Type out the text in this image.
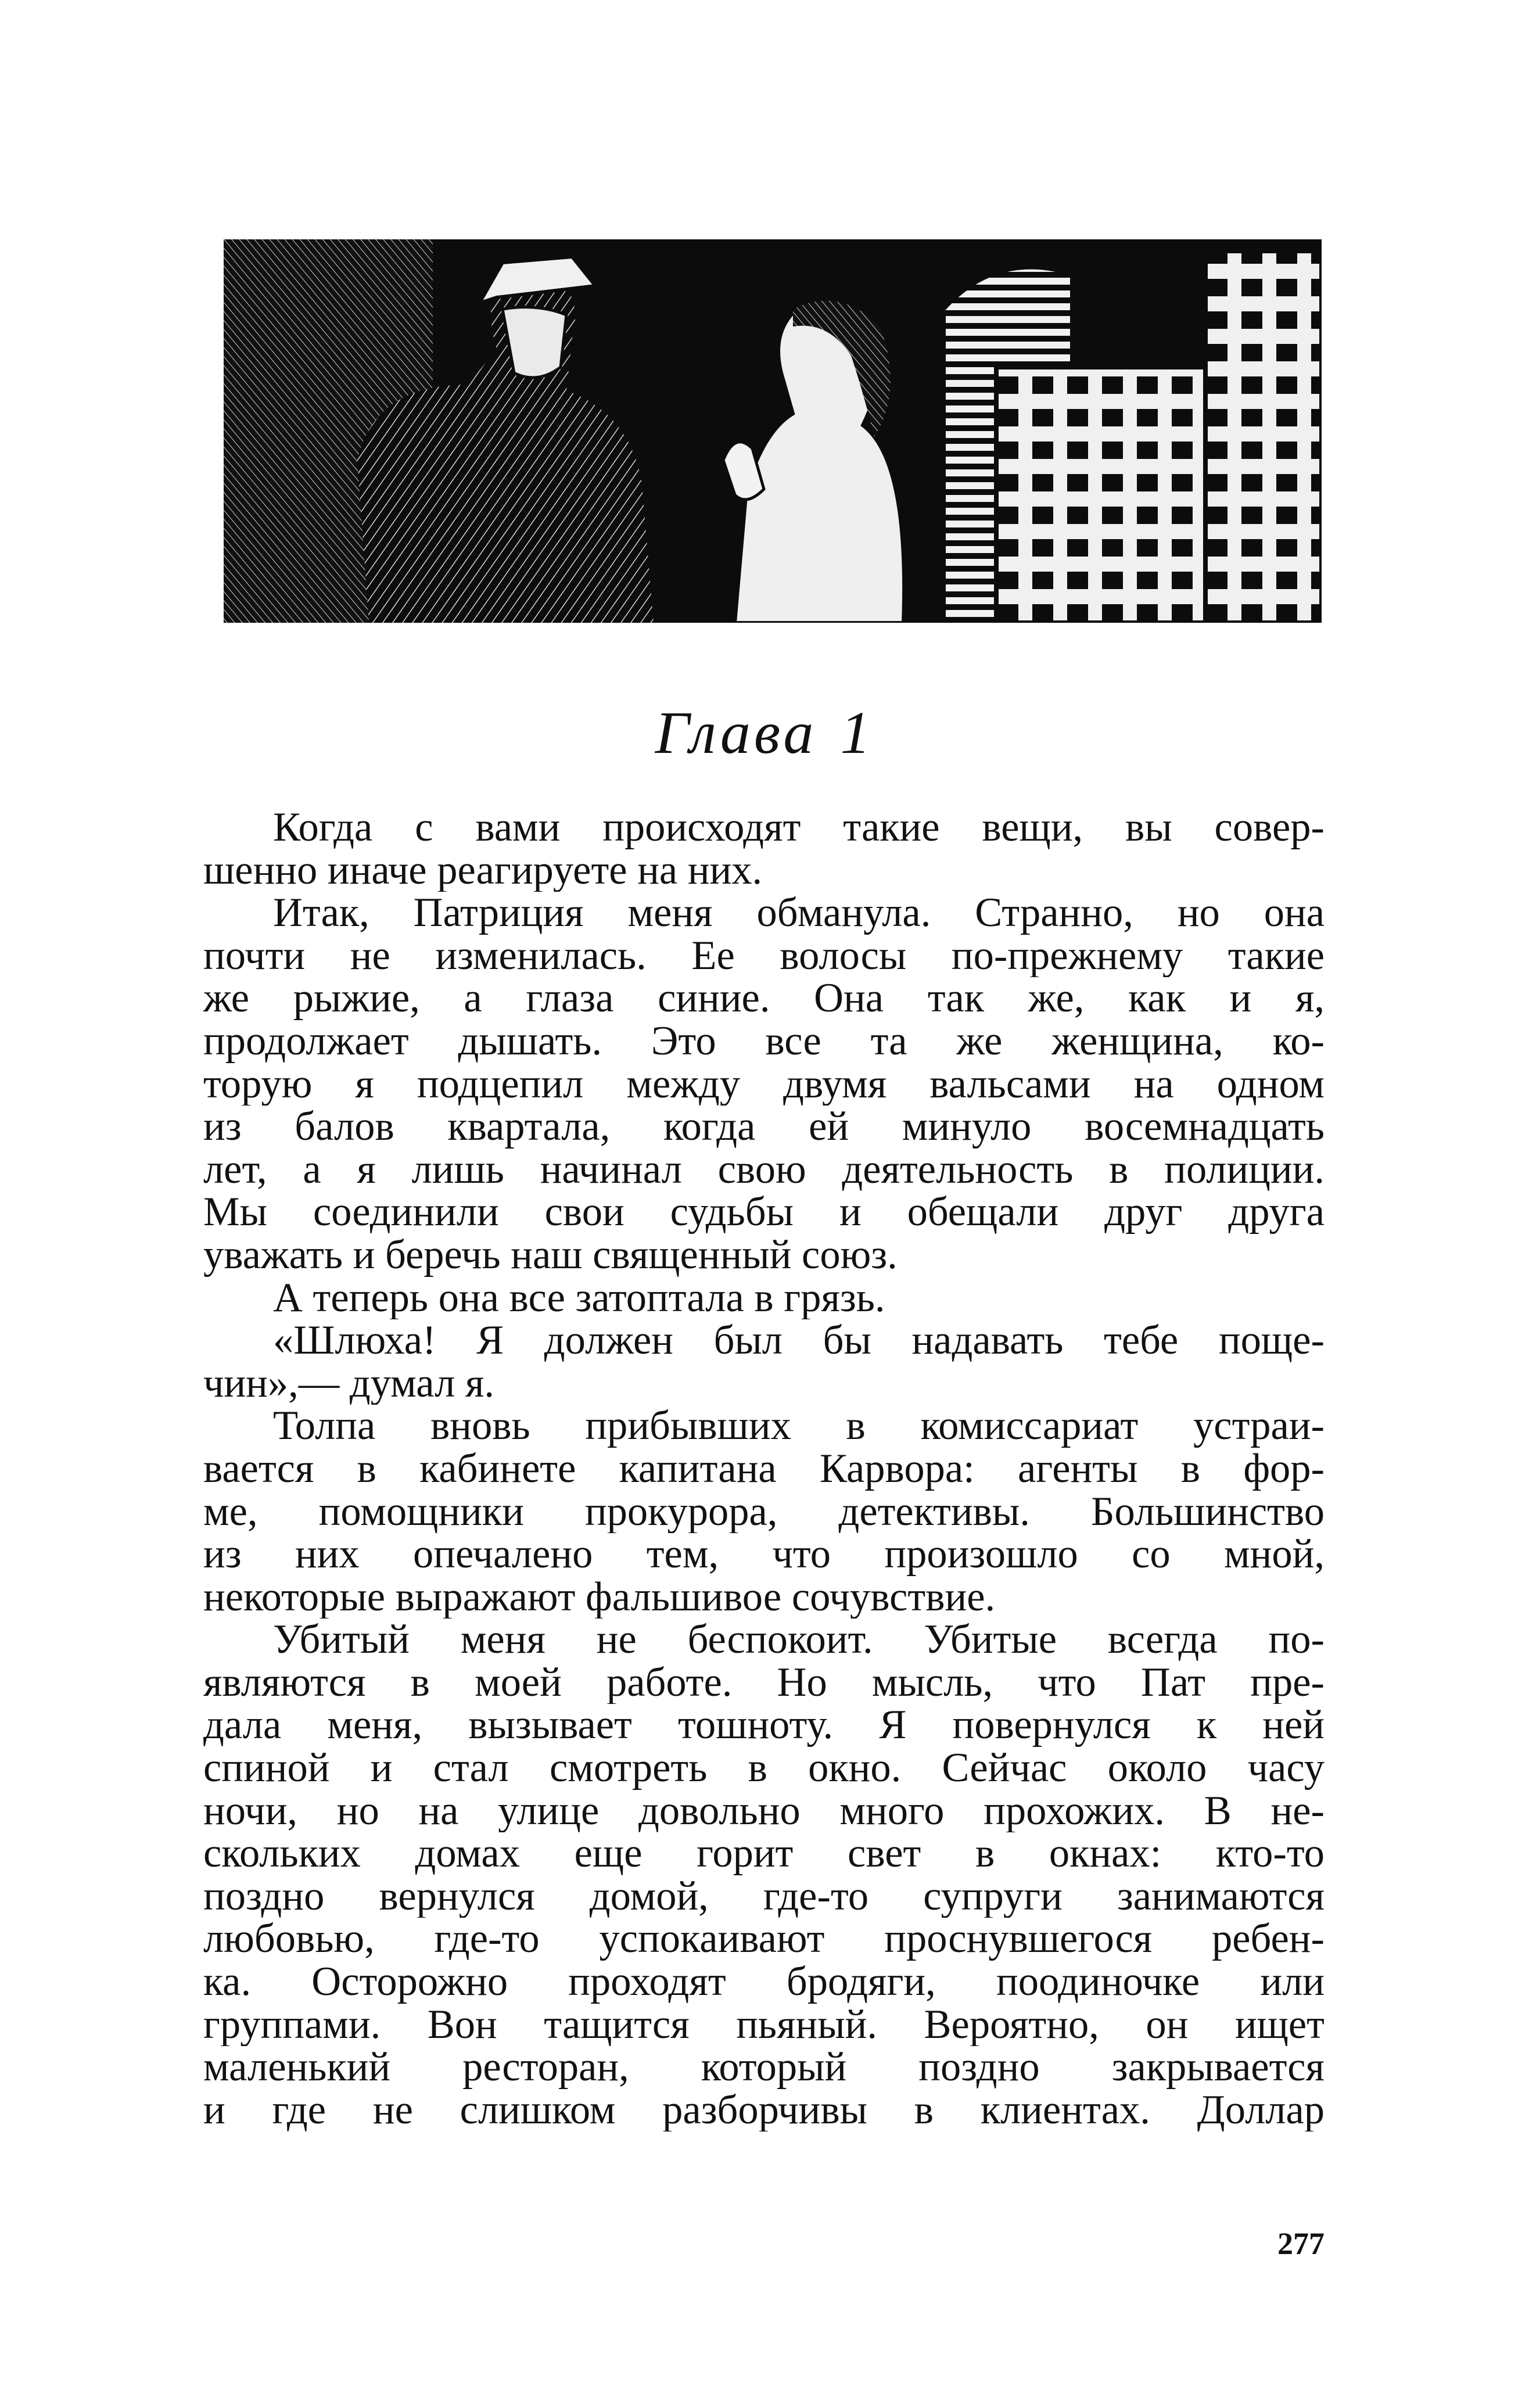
Глава 1
Когда с вами происходят такие вещи, вы совер-
шенно иначе реагируете на них.
Итак, Патриция меня обманула. Странно, но она
почти не изменилась. Ее волосы по-прежнему такие
же рыжие, а глаза синие. Она так же, как и я,
продолжает дышать. Это все та же женщина, ко-
торую я подцепил между двумя вальсами на одном
из балов квартала, когда ей минуло восемнадцать
лет, а я лишь начинал свою деятельность в полиции.
Мы соединили свои судьбы и обещали друг друга
уважать и беречь наш священный союз.
А теперь она все затоптала в грязь.
«Шлюха! Я должен был бы надавать тебе поще-
чин»,— думал я.
Толпа вновь прибывших в комиссариат устраи-
вается в кабинете капитана Карвора: агенты в фор-
ме, помощники прокурора, детективы. Большинство
из них опечалено тем, что произошло со мной,
некоторые выражают фальшивое сочувствие.
Убитый меня не беспокоит. Убитые всегда по-
являются в моей работе. Но мысль, что Пат пре-
дала меня, вызывает тошноту. Я повернулся к ней
спиной и стал смотреть в окно. Сейчас около часу
ночи, но на улице довольно много прохожих. В не-
скольких домах еще горит свет в окнах: кто-то
поздно вернулся домой, где-то супруги занимаются
любовью, где-то успокаивают проснувшегося ребен-
ка. Осторожно проходят бродяги, поодиночке или
группами. Вон тащится пьяный. Вероятно, он ищет
маленький ресторан, который поздно закрывается
и где не слишком разборчивы в клиентах. Доллар
277
